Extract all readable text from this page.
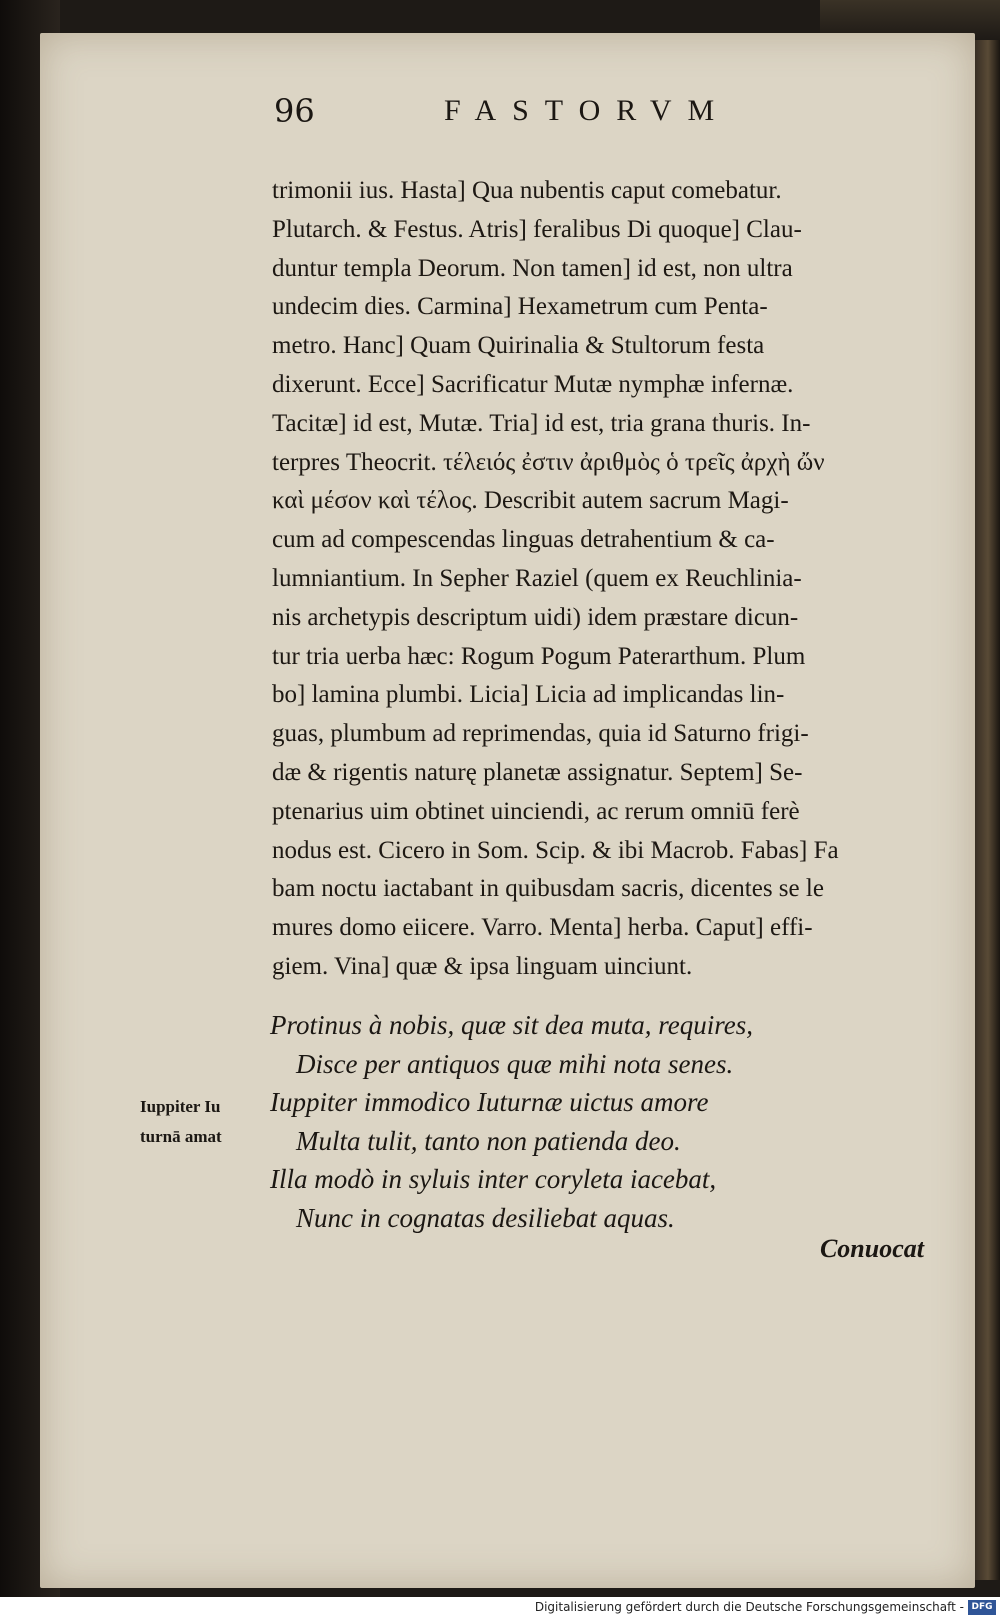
96	FASTORVM
trimonii ius. Hasta] Qua nubentis caput comebatur.
Plutarch. & Festus. Atris] feralibus Di quoque] Clau-
duntur templa Deorum. Non tamen] id est, non ultra
undecim dies. Carmina] Hexametrum cum Penta-
metro. Hanc] Quam Quirinalia & Stultorum festa
dixerunt. Ecce] Sacrificatur Mutæ nymphæ infernæ.
Tacitæ] id est, Mutæ. Tria] id est, tria grana thuris. In-
terpres Theocrit. τέλειός ἐστιν ἀριθμὸς ὁ τρεῖς ἀρχὴ ὤν
καὶ μέσον καὶ τέλος. Describit autem sacrum Magi-
cum ad compescendas linguas detrahentium & ca-
lumniantium. In Sepher Raziel (quem ex Reuchlinia-
nis archetypis descriptum uidi) idem præstare dicun-
tur tria uerba hæc: Rogum Pogum Paterarthum. Plum
bo] lamina plumbi. Licia] Licia ad implicandas lin-
guas, plumbum ad reprimendas, quia id Saturno frigi-
dæ & rigentis naturę planetæ assignatur. Septem] Se-
ptenarius uim obtinet uinciendi, ac rerum omniū ferè
nodus est. Cicero in Som. Scip. & ibi Macrob. Fabas] Fa
bam noctu iactabant in quibusdam sacris, dicentes se le
mures domo eiicere. Varro. Menta] herba. Caput] effi-
giem. Vinа] quæ & ipsa linguam uinciunt.
Iuppiter Iu
turnā amat
Protinus à nobis, quæ sit dea muta, requires,
Disce per antiquos quæ mihi nota senes.
Iuppiter immodico Iuturnæ uictus amore
Multa tulit, tanto non patienda deo.
Illa modò in syluis inter coryleta iacebat,
Nunc in cognatas desiliebat aquas.
Conuocat
Digitalisierung gefördert durch die Deutsche Forschungsgemeinschaft - DFG
